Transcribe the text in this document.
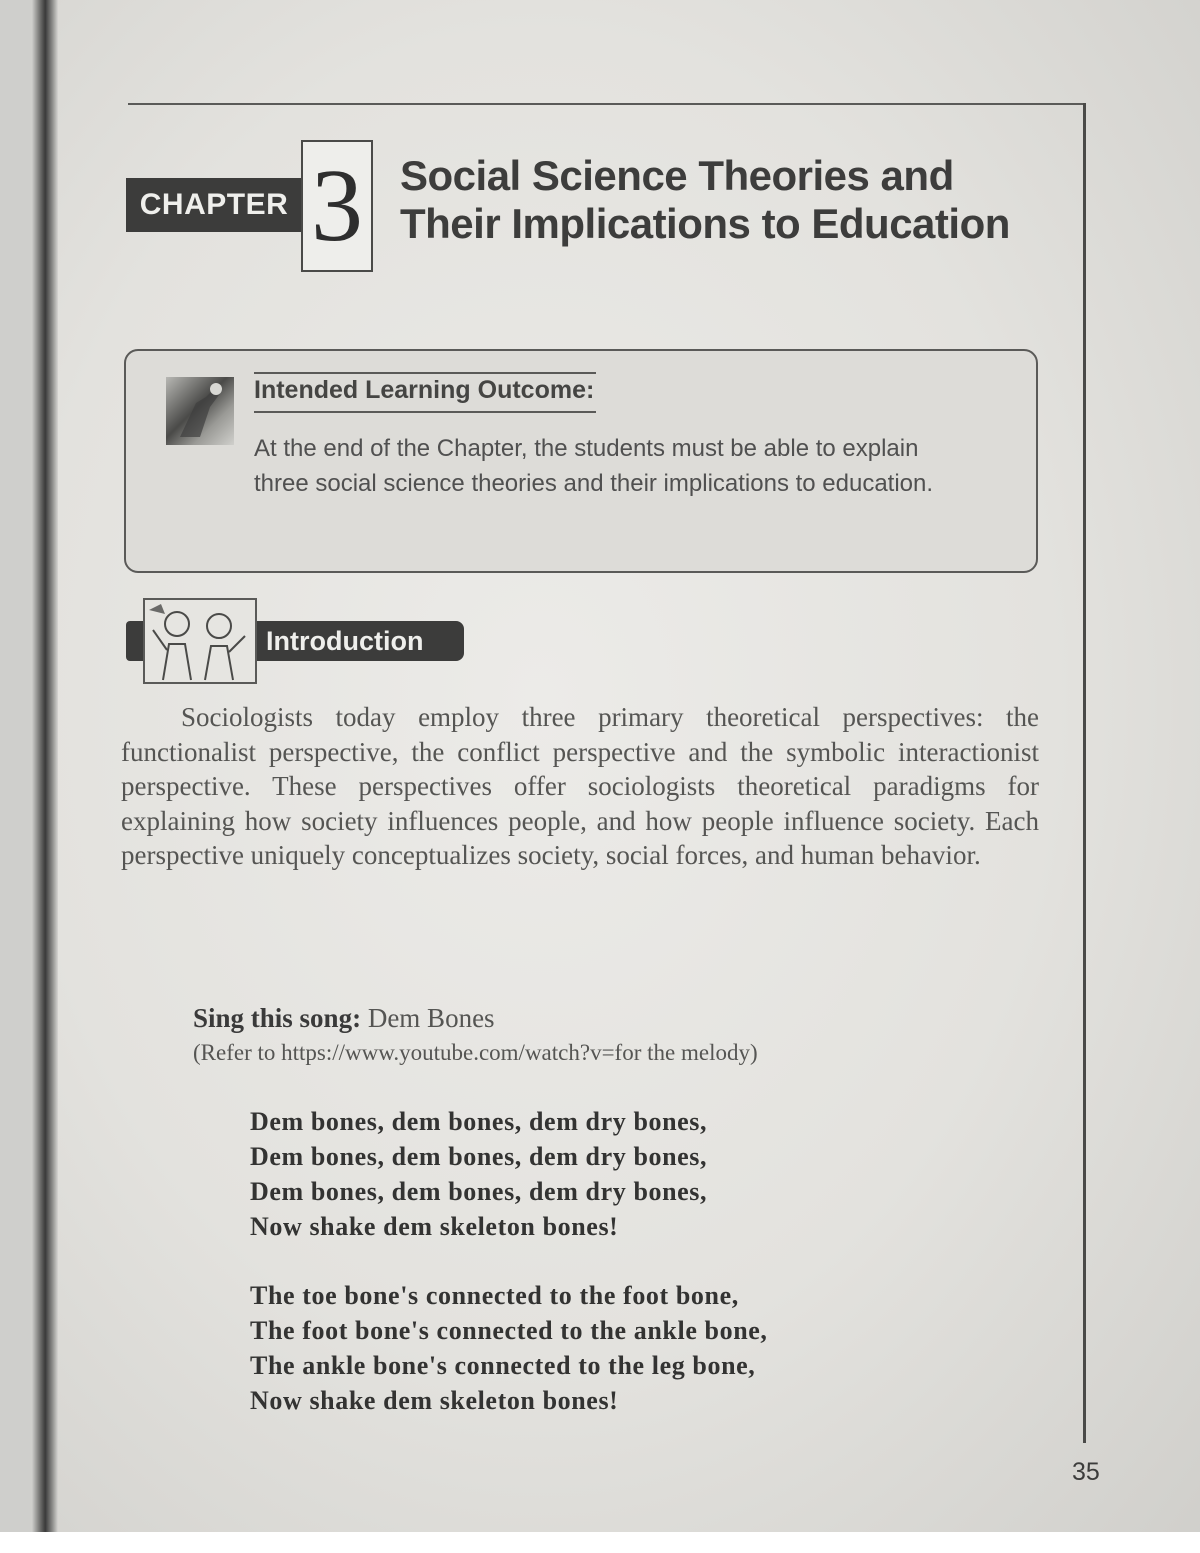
CHAPTER 3 Social Science Theories and
Their Implications to Education
Intended Learning Outcome:
At the end of the Chapter, the students must be able to explain three social science theories and their implications to education.
Introduction
Sociologists today employ three primary theoretical perspectives: the functionalist perspective, the conflict perspective and the symbolic interactionist perspective. These perspectives offer sociologists theoretical paradigms for explaining how society influences people, and how people influence society. Each perspective uniquely conceptualizes society, social forces, and human behavior.
Sing this song: Dem Bones
(Refer to https://www.youtube.com/watch?v=for the melody)
Dem bones, dem bones, dem dry bones,
Dem bones, dem bones, dem dry bones,
Dem bones, dem bones, dem dry bones,
Now shake dem skeleton bones!
The toe bone's connected to the foot bone,
The foot bone's connected to the ankle bone,
The ankle bone's connected to the leg bone,
Now shake dem skeleton bones!
35
